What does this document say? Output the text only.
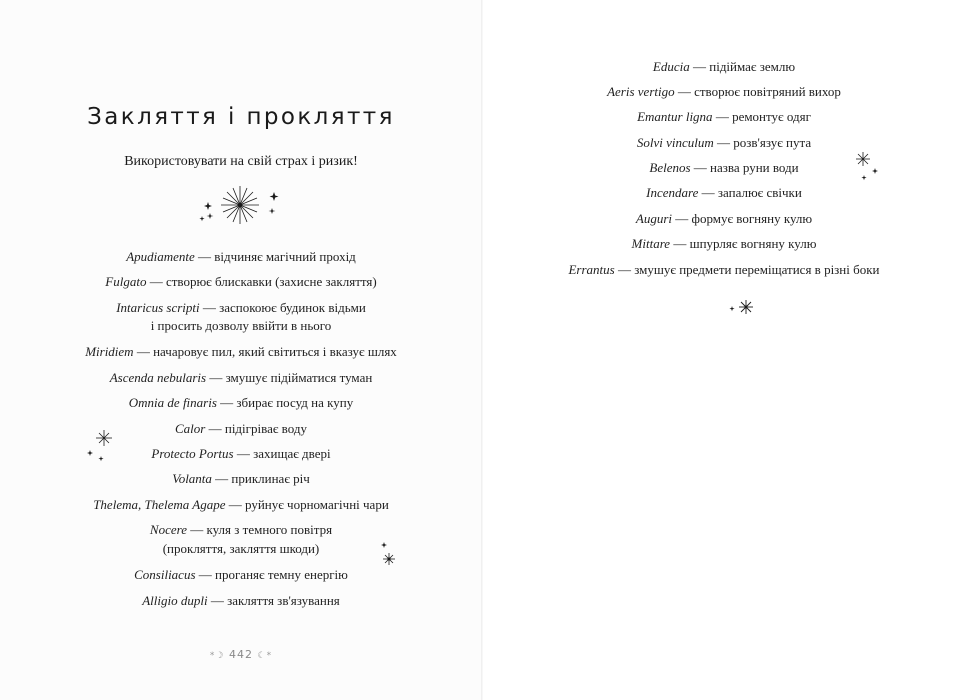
Закляття і прокляття
Використовувати на свій страх і ризик!
Apudiamente — відчиняє магічний прохід
Fulgato — створює блискавки (захисне закляття)
Intaricus scripti — заспокоює будинок відьми
і просить дозволу ввійти в нього
Miridiem — начаровує пил, який світиться і вказує шлях
Ascenda nebularis — змушує підійматися туман
Omnia de finaris — збирає посуд на купу
Calor — підігріває воду
Protecto Portus — захищає двері
Volanta — приклинає річ
Thelema, Thelema Agape — руйнує чорномагічні чари
Nocere — куля з темного повітря
(прокляття, закляття шкоди)
Consiliacus — проганяє темну енергію
Alligio dupli — закляття зв'язування
*☽ 442 ☾*
Educia — підіймає землю
Aeris vertigo — створює повітряний вихор
Emantur ligna — ремонтує одяг
Solvi vinculum — розв'язує пута
Belenos — назва руни води
Incendare — запалює свічки
Auguri — формує вогняну кулю
Mittare — шпурляє вогняну кулю
Errantus — змушує предмети переміщатися в різні боки
